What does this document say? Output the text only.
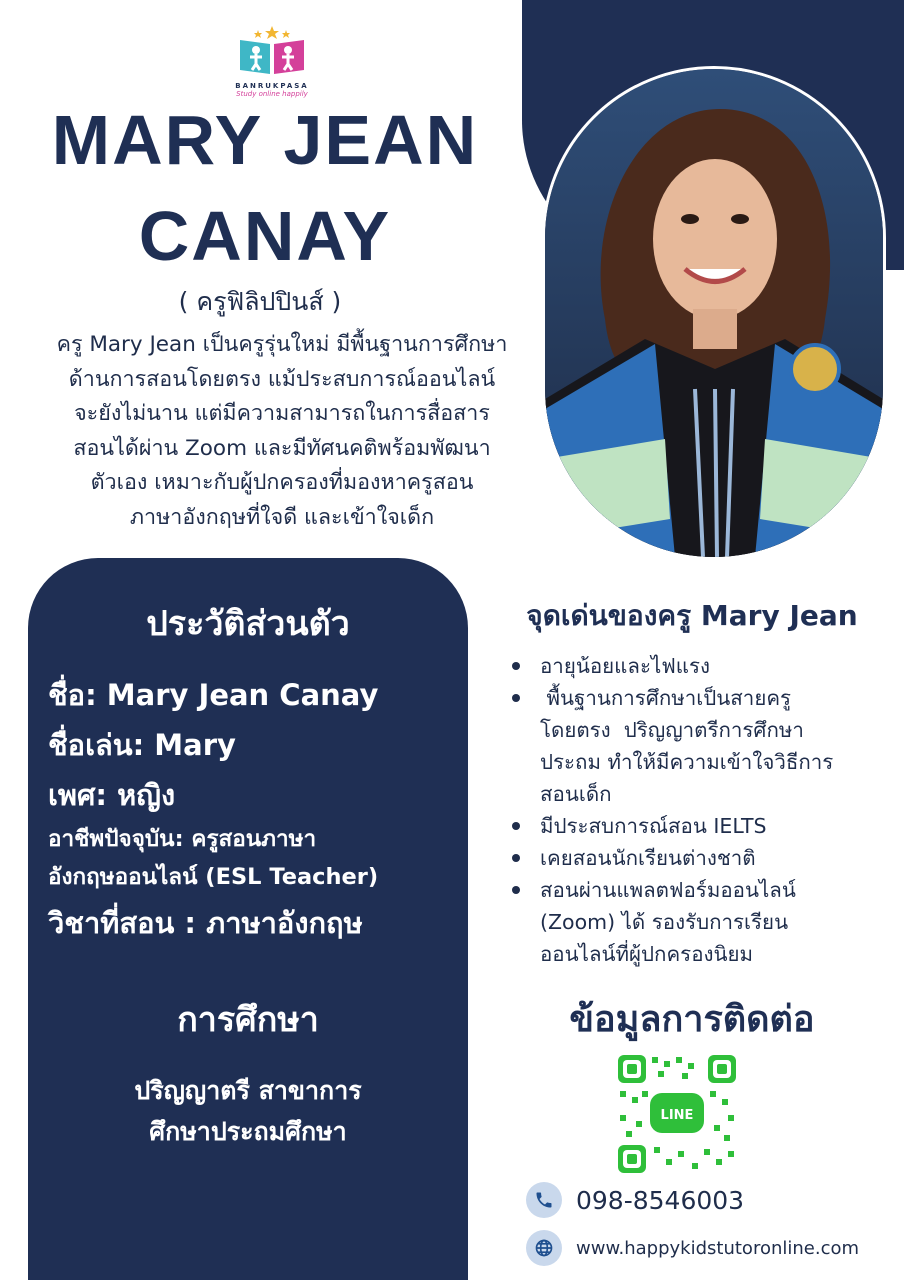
BANRUKPASA
Study online happily
MARY JEAN
CANAY
( ครูฟิลิปปินส์ )
ครู Mary Jean เป็นครูรุ่นใหม่ มีพื้นฐานการศึกษา
ด้านการสอนโดยตรง แม้ประสบการณ์ออนไลน์
จะยังไม่นาน แต่มีความสามารถในการสื่อสาร
สอนได้ผ่าน Zoom และมีทัศนคติพร้อมพัฒนา
ตัวเอง เหมาะกับผู้ปกครองที่มองหาครูสอน
ภาษาอังกฤษที่ใจดี และเข้าใจเด็ก
ประวัติส่วนตัว
ชื่อ: Mary Jean Canay
ชื่อเล่น: Mary
เพศ: หญิง
อาชีพปัจจุบัน: ครูสอนภาษา
อังกฤษออนไลน์ (ESL Teacher)
วิชาที่สอน : ภาษาอังกฤษ
การศึกษา
ปริญญาตรี สาขาการ
ศึกษาประถมศึกษา
จุดเด่นของครู Mary Jean
อายุน้อยและไฟแรง
พื้นฐานการศึกษาเป็นสายครู
โดยตรง  ปริญญาตรีการศึกษา
ประถม ทำให้มีความเข้าใจวิธีการ
สอนเด็ก
มีประสบการณ์สอน IELTS
เคยสอนนักเรียนต่างชาติ
สอนผ่านแพลตฟอร์มออนไลน์
(Zoom) ได้ รองรับการเรียน
ออนไลน์ที่ผู้ปกครองนิยม
ข้อมูลการติดต่อ
LINE
098-8546003
www.happykidstutoronline.com
